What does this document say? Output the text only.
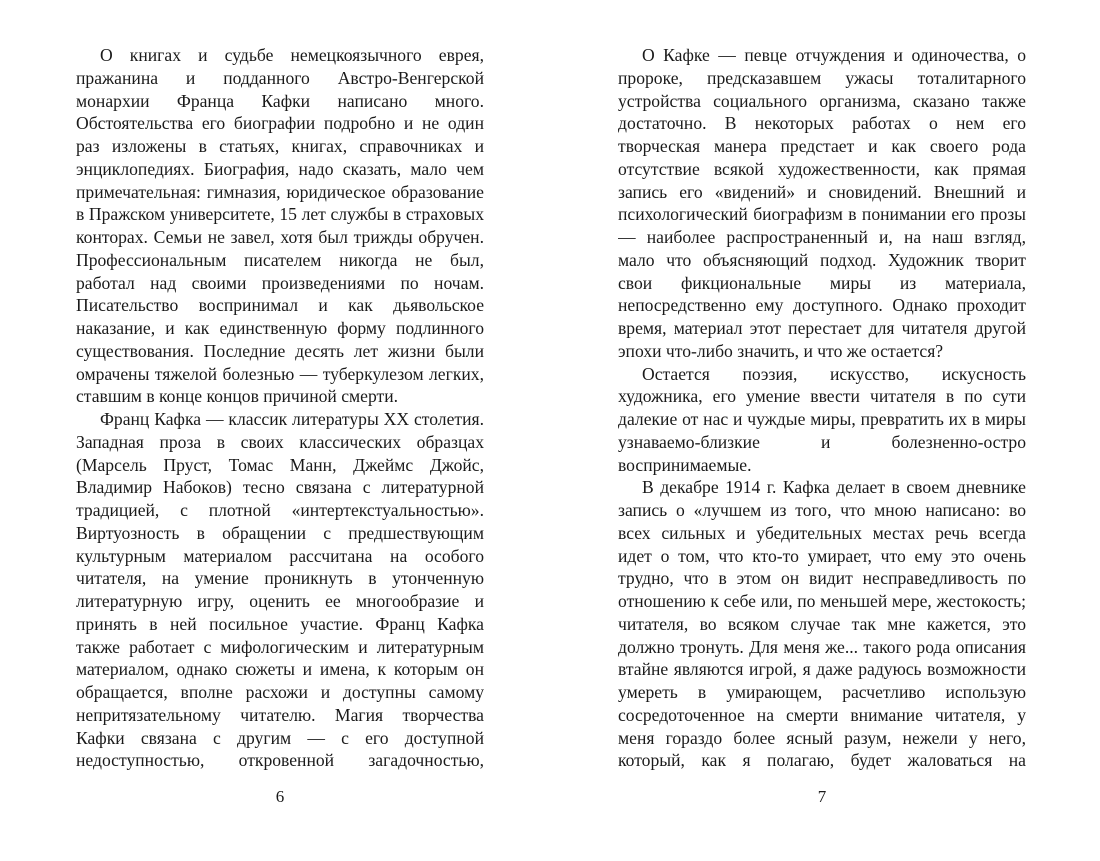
О книгах и судьбе немецкоязычного еврея, пражанина и подданного Австро-Венгерской монархии Франца Кафки написано много. Обстоятельства его биографии подробно и не один раз изложены в статьях, книгах, справочниках и энциклопедиях. Биография, надо сказать, мало чем примечательная: гимназия, юридическое образование в Пражском университете, 15 лет службы в страховых конторах. Семьи не завел, хотя был трижды обручен. Профессиональным писателем никогда не был, работал над своими произведениями по ночам. Писательство воспринимал и как дьявольское наказание, и как единственную форму подлинного существования. Последние десять лет жизни были омрачены тяжелой болезнью — туберкулезом легких, ставшим в конце концов причиной смерти.

Франц Кафка — классик литературы XX столетия. Западная проза в своих классических образцах (Марсель Пруст, Томас Манн, Джеймс Джойс, Владимир Набоков) тесно связана с литературной традицией, с плотной «интертекстуальностью». Виртуозность в обращении с предшествующим культурным материалом рассчитана на особого читателя, на умение проникнуть в утонченную литературную игру, оценить ее многообразие и принять в ней посильное участие. Франц Кафка также работает с мифологическим и литературным материалом, однако сюжеты и имена, к которым он обращается, вполне расхожи и доступны самому непритязательному читателю. Магия творчества Кафки связана с другим — с его доступной недоступностью, откровенной загадочностью,

6

О Кафке — певце отчуждения и одиночества, о пророке, предсказавшем ужасы тоталитарного устройства социального организма, сказано также достаточно. В некоторых работах о нем его творческая манера предстает и как своего рода отсутствие всякой художественности, как прямая запись его «видений» и сновидений. Внешний и психологический биографизм в понимании его прозы — наиболее распространенный и, на наш взгляд, мало что объясняющий подход. Художник творит свои фикциональные миры из материала, непосредственно ему доступного. Однако проходит время, материал этот перестает для читателя другой эпохи что-либо значить, и что же остается?

Остается поэзия, искусство, искусность художника, его умение ввести читателя в по сути далекие от нас и чуждые миры, превратить их в миры узнаваемо-близкие и болезненно-остро воспринимаемые.

В декабре 1914 г. Кафка делает в своем дневнике запись о «лучшем из того, что мною написано: во всех сильных и убедительных местах речь всегда идет о том, что кто-то умирает, что ему это очень трудно, что в этом он видит несправедливость по отношению к себе или, по меньшей мере, жестокость; читателя, во всяком случае так мне кажется, это должно тронуть. Для меня же... такого рода описания втайне являются игрой, я даже радуюсь возможности умереть в умирающем, расчетливо использую сосредоточенное на смерти внимание читателя, у меня гораздо более ясный разум, нежели у него, который, как я полагаю, будет жаловаться на

7
